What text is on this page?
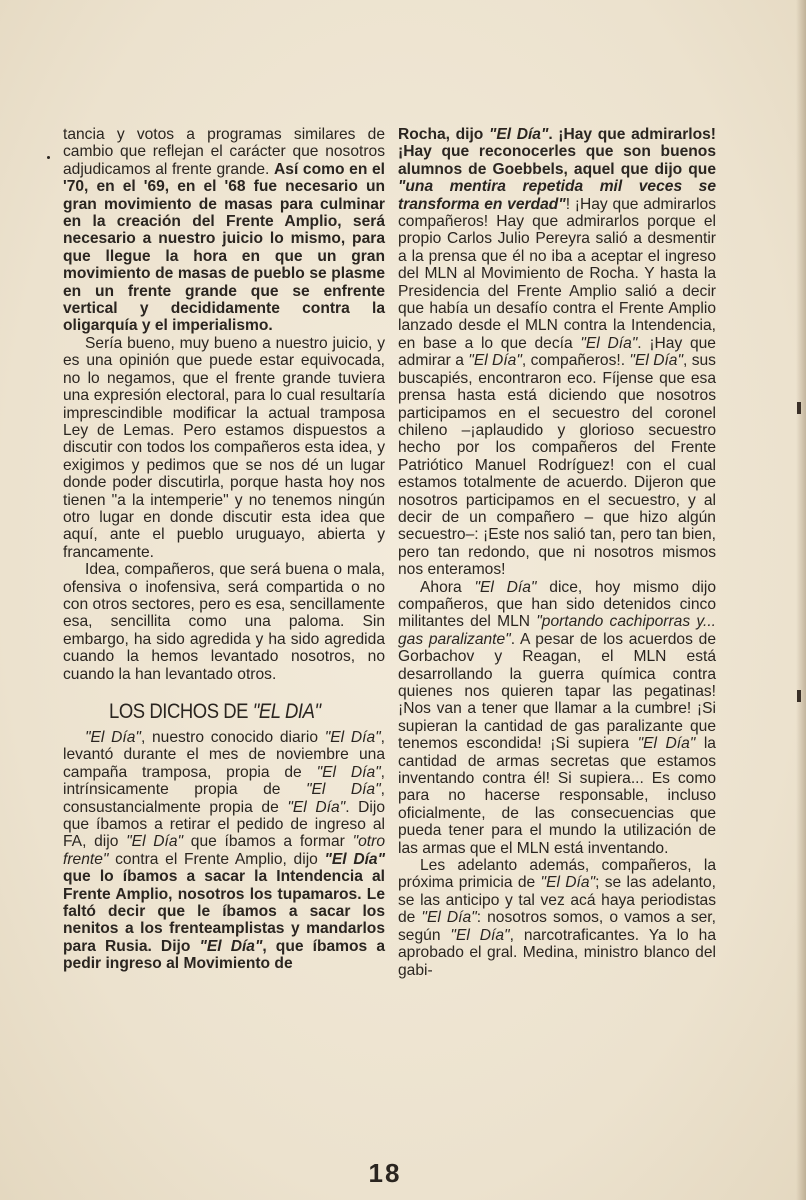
tancia y votos a programas similares de cambio que reflejan el carácter que nosotros adjudicamos al frente grande. Así como en el '70, en el '69, en el '68 fue necesario un gran movimiento de masas para culminar en la creación del Frente Amplio, será necesario a nuestro juicio lo mismo, para que llegue la hora en que un gran movimiento de masas de pueblo se plasme en un frente grande que se enfrente vertical y decididamente contra la oligarquía y el imperialismo.

Sería bueno, muy bueno a nuestro juicio, y es una opinión que puede estar equivocada, no lo negamos, que el frente grande tuviera una expresión electoral, para lo cual resultaría imprescindible modificar la actual tramposa Ley de Lemas. Pero estamos dispuestos a discutir con todos los compañeros esta idea, y exigimos y pedimos que se nos dé un lugar donde poder discutirla, porque hasta hoy nos tienen "a la intemperie" y no tenemos ningún otro lugar en donde discutir esta idea que aquí, ante el pueblo uruguayo, abierta y francamente.

Idea, compañeros, que será buena o mala, ofensiva o inofensiva, será compartida o no con otros sectores, pero es esa, sencillamente esa, sencillita como una paloma. Sin embargo, ha sido agredida y ha sido agredida cuando la hemos levantado nosotros, no cuando la han levantado otros.

LOS DICHOS DE "EL DIA"

"El Día", nuestro conocido diario "El Día", levantó durante el mes de noviembre una campaña tramposa, propia de "El Día", intrínsicamente propia de "El Día", consustancialmente propia de "El Día". Dijo que íbamos a retirar el pedido de ingreso al FA, dijo "El Día" que íbamos a formar "otro frente" contra el Frente Amplio, dijo "El Día" que lo íbamos a sacar la Intendencia al Frente Amplio, nosotros los tupamaros. Le faltó decir que le íbamos a sacar los nenitos a los frenteamplistas y mandarlos para Rusia. Dijo "El Día", que íbamos a pedir ingreso al Movimiento de

Rocha, dijo "El Día". ¡Hay que admirarlos! ¡Hay que reconocerles que son buenos alumnos de Goebbels, aquel que dijo que "una mentira repetida mil veces se transforma en verdad"! ¡Hay que admirarlos compañeros! Hay que admirarlos porque el propio Carlos Julio Pereyra salió a desmentir a la prensa que él no iba a aceptar el ingreso del MLN al Movimiento de Rocha. Y hasta la Presidencia del Frente Amplio salió a decir que había un desafío contra el Frente Amplio lanzado desde el MLN contra la Intendencia, en base a lo que decía "El Día". ¡Hay que admirar a "El Día", compañeros!. "El Día", sus buscapiés, encontraron eco. Fíjense que esa prensa hasta está diciendo que nosotros participamos en el secuestro del coronel chileno –¡aplaudido y glorioso secuestro hecho por los compañeros del Frente Patriótico Manuel Rodríguez! con el cual estamos totalmente de acuerdo. Dijeron que nosotros participamos en el secuestro, y al decir de un compañero – que hizo algún secuestro–: ¡Este nos salió tan, pero tan bien, pero tan redondo, que ni nosotros mismos nos enteramos!

Ahora "El Día" dice, hoy mismo dijo compañeros, que han sido detenidos cinco militantes del MLN "portando cachiporras y... gas paralizante". A pesar de los acuerdos de Gorbachov y Reagan, el MLN está desarrollando la guerra química contra quienes nos quieren tapar las pegatinas! ¡Nos van a tener que llamar a la cumbre! ¡Si supieran la cantidad de gas paralizante que tenemos escondida! ¡Si supiera "El Día" la cantidad de armas secretas que estamos inventando contra él! Si supiera... Es como para no hacerse responsable, incluso oficialmente, de las consecuencias que pueda tener para el mundo la utilización de las armas que el MLN está inventando.

Les adelanto además, compañeros, la próxima primicia de "El Día"; se las adelanto, se las anticipo y tal vez acá haya periodistas de "El Día": nosotros somos, o vamos a ser, según "El Día", narcotraficantes. Ya lo ha aprobado el gral. Medina, ministro blanco del gabi-

18
